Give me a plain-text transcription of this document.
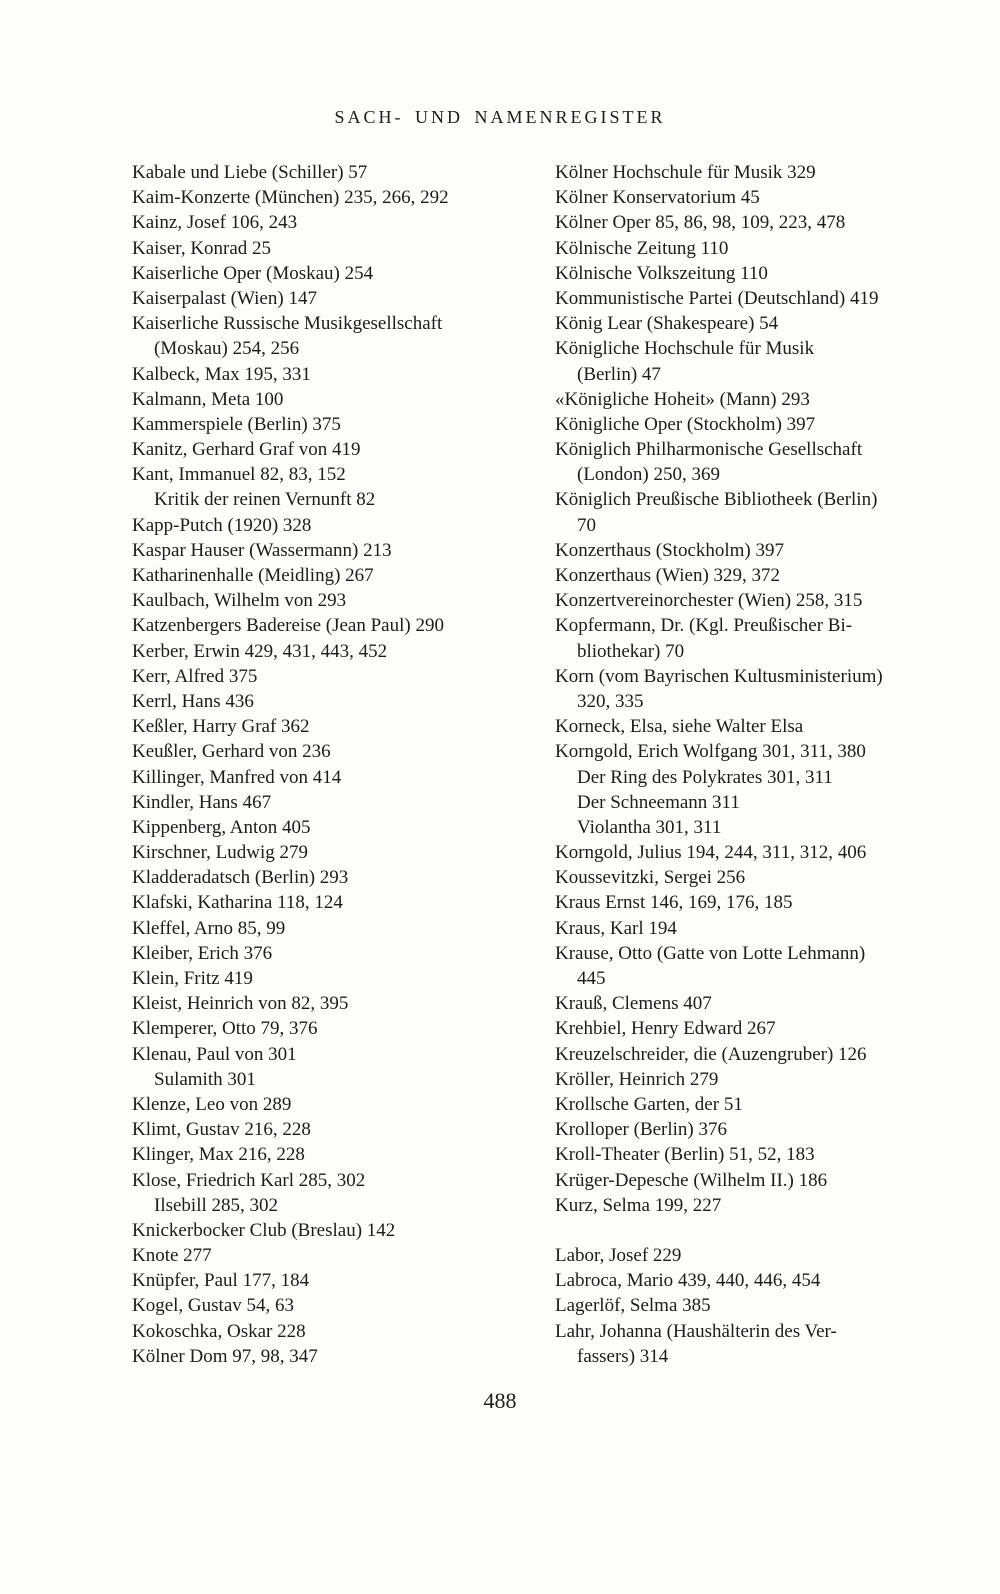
SACH- UND NAMENREGISTER
Kabale und Liebe (Schiller) 57
Kaim-Konzerte (München) 235, 266, 292
Kainz, Josef 106, 243
Kaiser, Konrad 25
Kaiserliche Oper (Moskau) 254
Kaiserpalast (Wien) 147
Kaiserliche Russische Musikgesellschaft
(Moskau) 254, 256
Kalbeck, Max 195, 331
Kalmann, Meta 100
Kammerspiele (Berlin) 375
Kanitz, Gerhard Graf von 419
Kant, Immanuel 82, 83, 152
Kritik der reinen Vernunft 82
Kapp-Putch (1920) 328
Kaspar Hauser (Wassermann) 213
Katharinenhalle (Meidling) 267
Kaulbach, Wilhelm von 293
Katzenbergers Badereise (Jean Paul) 290
Kerber, Erwin 429, 431, 443, 452
Kerr, Alfred 375
Kerrl, Hans 436
Keßler, Harry Graf 362
Keußler, Gerhard von 236
Killinger, Manfred von 414
Kindler, Hans 467
Kippenberg, Anton 405
Kirschner, Ludwig 279
Kladderadatsch (Berlin) 293
Klafski, Katharina 118, 124
Kleffel, Arno 85, 99
Kleiber, Erich 376
Klein, Fritz 419
Kleist, Heinrich von 82, 395
Klemperer, Otto 79, 376
Klenau, Paul von 301
Sulamith 301
Klenze, Leo von 289
Klimt, Gustav 216, 228
Klinger, Max 216, 228
Klose, Friedrich Karl 285, 302
Ilsebill 285, 302
Knickerbocker Club (Breslau) 142
Knote 277
Knüpfer, Paul 177, 184
Kogel, Gustav 54, 63
Kokoschka, Oskar 228
Kölner Dom 97, 98, 347
Kölner Hochschule für Musik 329
Kölner Konservatorium 45
Kölner Oper 85, 86, 98, 109, 223, 478
Kölnische Zeitung 110
Kölnische Volkszeitung 110
Kommunistische Partei (Deutschland) 419
König Lear (Shakespeare) 54
Königliche Hochschule für Musik
(Berlin) 47
«Königliche Hoheit» (Mann) 293
Königliche Oper (Stockholm) 397
Königlich Philharmonische Gesellschaft
(London) 250, 369
Königlich Preußische Bibliotheek (Berlin)
70
Konzerthaus (Stockholm) 397
Konzerthaus (Wien) 329, 372
Konzertvereinorchester (Wien) 258, 315
Kopfermann, Dr. (Kgl. Preußischer Bi-
bliothekar) 70
Korn (vom Bayrischen Kultusministerium)
320, 335
Korneck, Elsa, siehe Walter Elsa
Korngold, Erich Wolfgang 301, 311, 380
Der Ring des Polykrates 301, 311
Der Schneemann 311
Violantha 301, 311
Korngold, Julius 194, 244, 311, 312, 406
Koussevitzki, Sergei 256
Kraus Ernst 146, 169, 176, 185
Kraus, Karl 194
Krause, Otto (Gatte von Lotte Lehmann)
445
Krauß, Clemens 407
Krehbiel, Henry Edward 267
Kreuzelschreider, die (Auzengruber) 126
Kröller, Heinrich 279
Krollsche Garten, der 51
Krolloper (Berlin) 376
Kroll-Theater (Berlin) 51, 52, 183
Krüger-Depesche (Wilhelm II.) 186
Kurz, Selma 199, 227
Labor, Josef 229
Labroca, Mario 439, 440, 446, 454
Lagerlöf, Selma 385
Lahr, Johanna (Haushälterin des Ver-
fassers) 314
488
